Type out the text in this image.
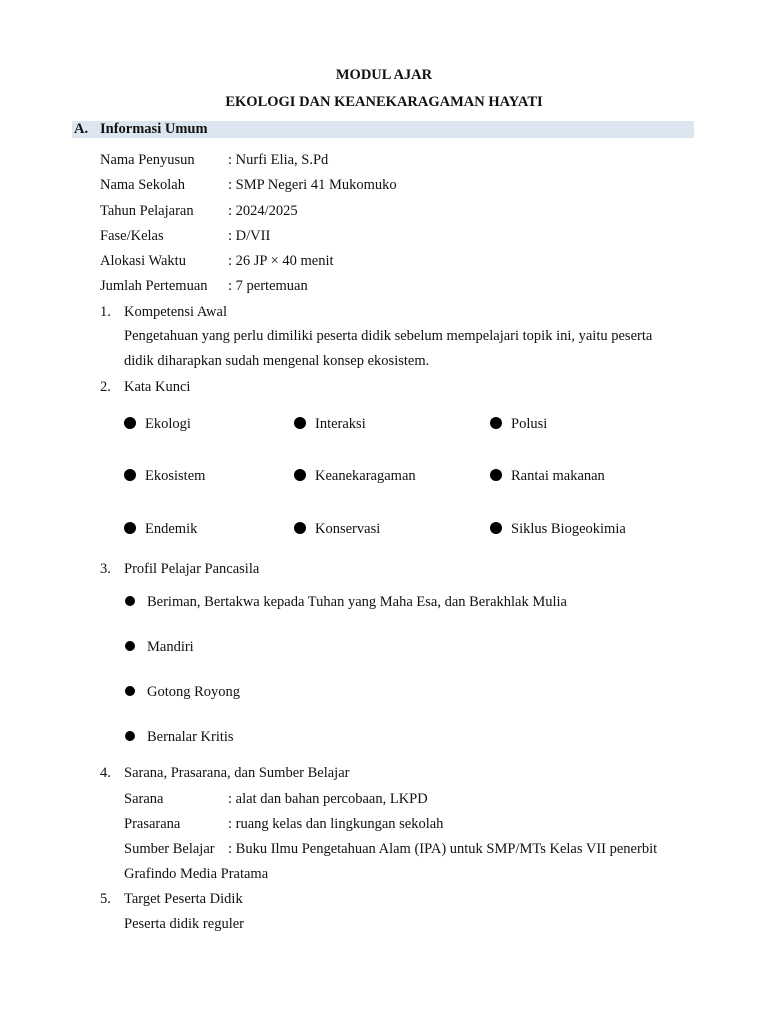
MODUL AJAR
EKOLOGI DAN KEANEKARAGAMAN HAYATI
A. Informasi Umum
Nama Penyusun : Nurfi Elia, S.Pd
Nama Sekolah	: SMP Negeri 41 Mukomuko
Tahun Pelajaran : 2024/2025
Fase/Kelas	: D/VII
Alokasi Waktu	: 26 JP × 40 menit
Jumlah Pertemuan : 7 pertemuan
1. Kompetensi Awal
Pengetahuan yang perlu dimiliki peserta didik sebelum mempelajari topik ini, yaitu peserta
didik diharapkan sudah mengenal konsep ekosistem.
2. Kata Kunci
Ekologi	Interaksi	Polusi
Ekosistem	Keanekaragaman	Rantai makanan
Endemik	Konservasi	Siklus Biogeokimia
3. Profil Pelajar Pancasila
Beriman, Bertakwa kepada Tuhan yang Maha Esa, dan Berakhlak Mulia
Mandiri
Gotong Royong
Bernalar Kritis
4. Sarana, Prasarana, dan Sumber Belajar
Sarana	: alat dan bahan percobaan, LKPD
Prasarana	: ruang kelas dan lingkungan sekolah
Sumber Belajar : Buku Ilmu Pengetahuan Alam (IPA) untuk SMP/MTs Kelas VII penerbit
Grafindo Media Pratama
5. Target Peserta Didik
Peserta didik reguler
